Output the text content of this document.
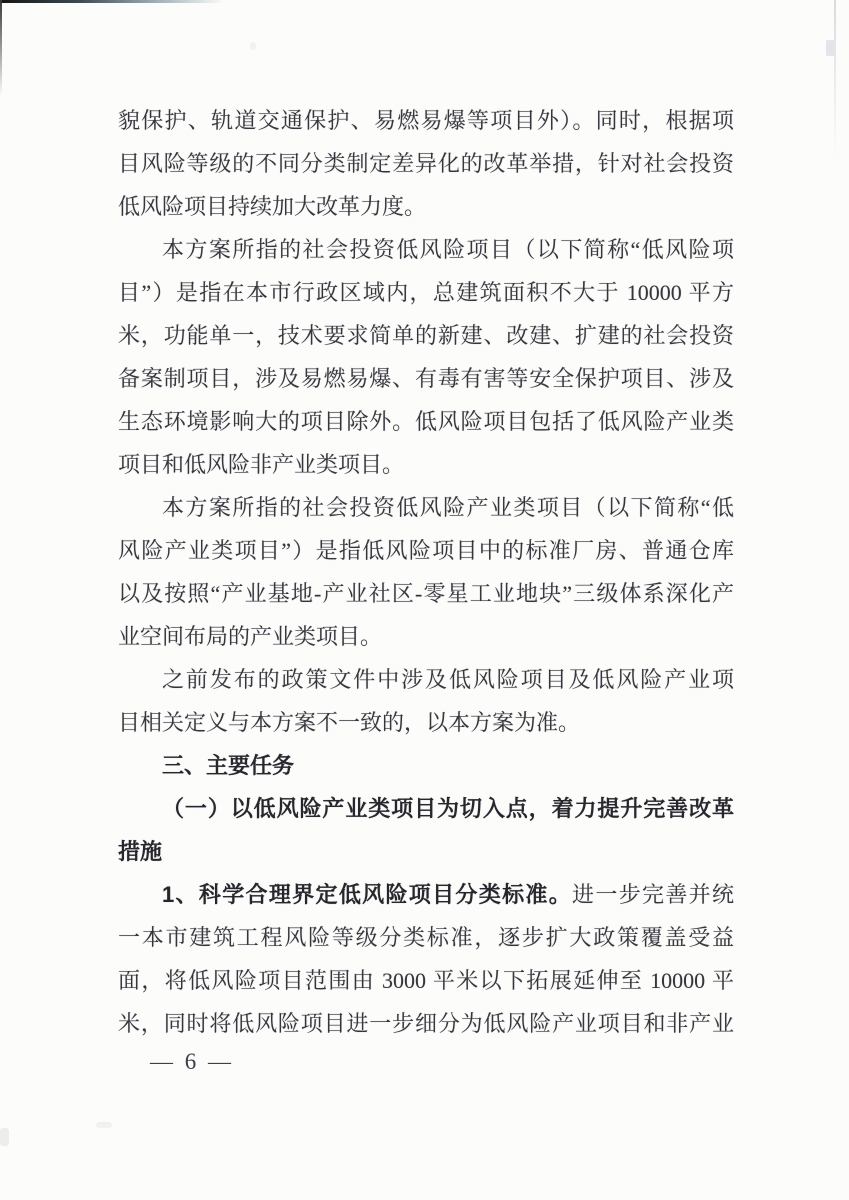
貌保护、轨道交通保护、易燃易爆等项目外）。同时，根据项
目风险等级的不同分类制定差异化的改革举措，针对社会投资
低风险项目持续加大改革力度。
本方案所指的社会投资低风险项目（以下简称“低风险项
目”）是指在本市行政区域内，总建筑面积不大于 10000 平方
米，功能单一，技术要求简单的新建、改建、扩建的社会投资
备案制项目，涉及易燃易爆、有毒有害等安全保护项目、涉及
生态环境影响大的项目除外。低风险项目包括了低风险产业类
项目和低风险非产业类项目。
本方案所指的社会投资低风险产业类项目（以下简称“低
风险产业类项目”）是指低风险项目中的标准厂房、普通仓库
以及按照“产业基地-产业社区-零星工业地块”三级体系深化产
业空间布局的产业类项目。
之前发布的政策文件中涉及低风险项目及低风险产业项
目相关定义与本方案不一致的，以本方案为准。
三、主要任务
（一）以低风险产业类项目为切入点，着力提升完善改革
措施
1、科学合理界定低风险项目分类标准。进一步完善并统
一本市建筑工程风险等级分类标准，逐步扩大政策覆盖受益
面，将低风险项目范围由 3000 平米以下拓展延伸至 10000 平
米，同时将低风险项目进一步细分为低风险产业项目和非产业
— 6 —
